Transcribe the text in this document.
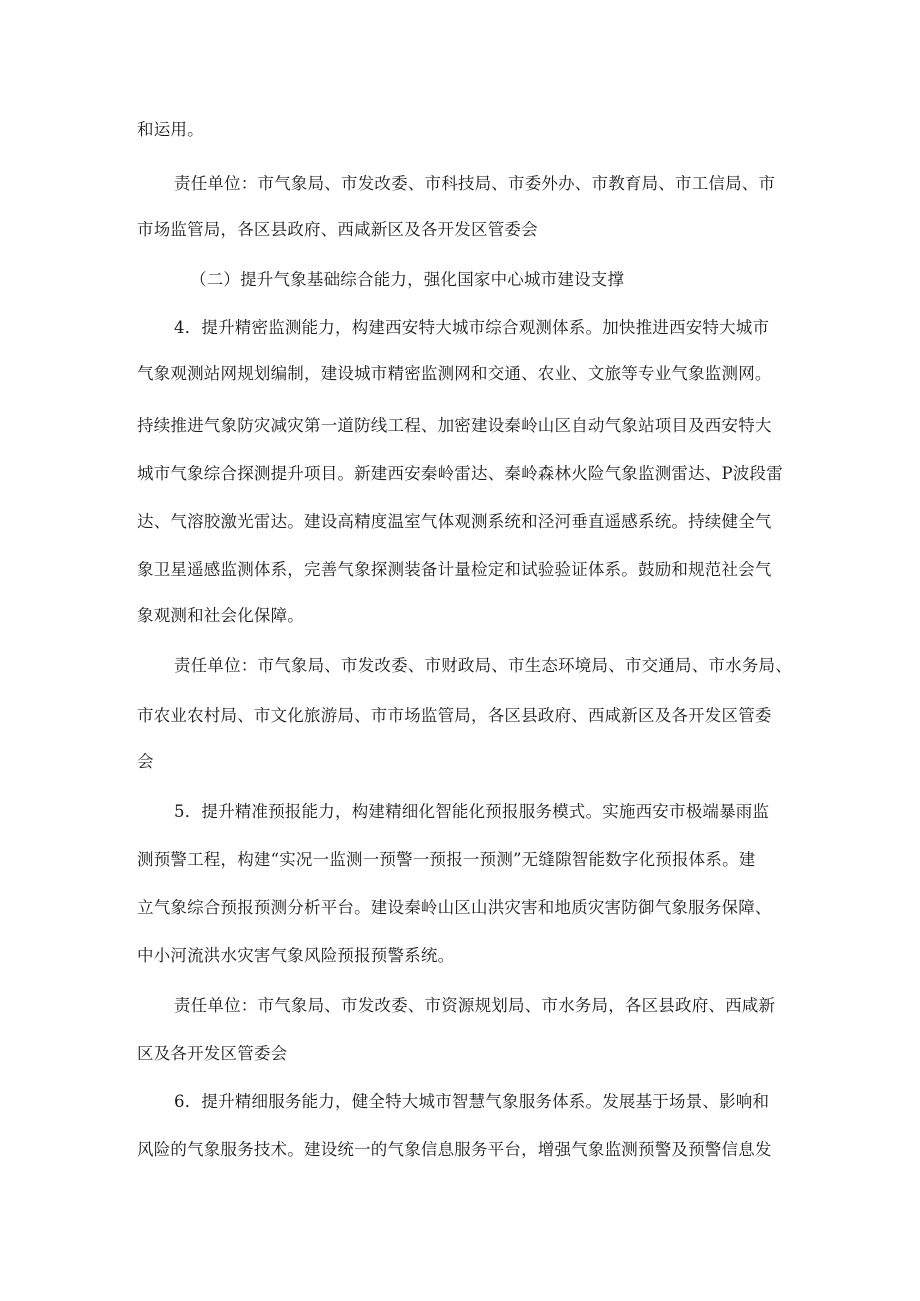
和运用。
责任单位：市气象局、市发改委、市科技局、市委外办、市教育局、市工信局、市
市场监管局，各区县政府、西咸新区及各开发区管委会
（二）提升气象基础综合能力，强化国家中心城市建设支撑
4．提升精密监测能力，构建西安特大城市综合观测体系。加快推进西安特大城市
气象观测站网规划编制，建设城市精密监测网和交通、农业、文旅等专业气象监测网。
持续推进气象防灾减灾第一道防线工程、加密建设秦岭山区自动气象站项目及西安特大
城市气象综合探测提升项目。新建西安秦岭雷达、秦岭森林火险气象监测雷达、P波段雷
达、气溶胶激光雷达。建设高精度温室气体观测系统和泾河垂直遥感系统。持续健全气
象卫星遥感监测体系，完善气象探测装备计量检定和试验验证体系。鼓励和规范社会气
象观测和社会化保障。
责任单位：市气象局、市发改委、市财政局、市生态环境局、市交通局、市水务局、
市农业农村局、市文化旅游局、市市场监管局，各区县政府、西咸新区及各开发区管委
会
5．提升精准预报能力，构建精细化智能化预报服务模式。实施西安市极端暴雨监
测预警工程，构建“实况一监测一预警一预报一预测”无缝隙智能数字化预报体系。建
立气象综合预报预测分析平台。建设秦岭山区山洪灾害和地质灾害防御气象服务保障、
中小河流洪水灾害气象风险预报预警系统。
责任单位：市气象局、市发改委、市资源规划局、市水务局，各区县政府、西咸新
区及各开发区管委会
6．提升精细服务能力，健全特大城市智慧气象服务体系。发展基于场景、影响和
风险的气象服务技术。建设统一的气象信息服务平台，增强气象监测预警及预警信息发
